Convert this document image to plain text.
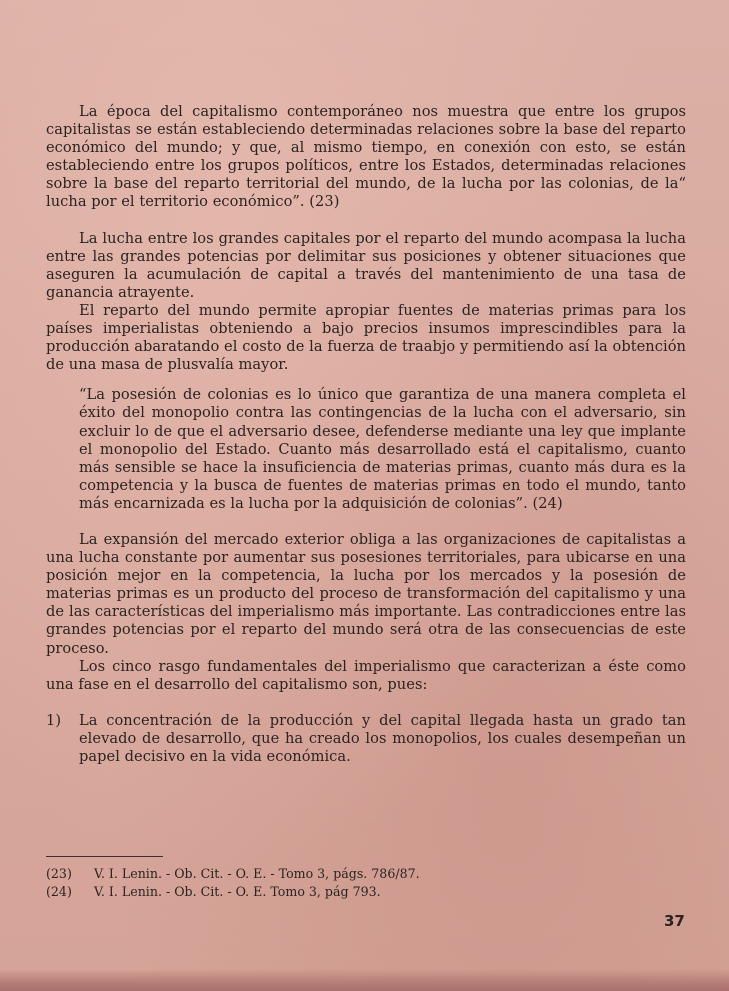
La época del capitalismo contemporáneo nos muestra que entre los grupos capitalistas se están estableciendo determinadas relaciones sobre la base del reparto económico del mundo; y que, al mismo tiempo, en conexión con esto, se están estableciendo entre los grupos políticos, entre los Estados, determinadas relaciones sobre la base del reparto territorial del mundo, de la lucha por las colonias, de la“ lucha por el territorio económico”. (23)

La lucha entre los grandes capitales por el reparto del mundo acompasa la lucha entre las grandes potencias por delimitar sus posiciones y obtener situaciones que aseguren la acumulación de capital a través del mantenimiento de una tasa de ganancia atrayente.

El reparto del mundo permite apropiar fuentes de materias primas para los países imperialistas obteniendo a bajo precios insumos imprescindibles para la producción abaratando el costo de la fuerza de traabjo y permitiendo así la obtención de una masa de plusvalía mayor.

“La posesión de colonias es lo único que garantiza de una manera completa el éxito del monopolio contra las contingencias de la lucha con el adversario, sin excluir lo de que el adversario desee, defenderse mediante una ley que implante el monopolio del Estado. Cuanto más desarrollado está el capitalismo, cuanto más sensible se hace la insuficiencia de materias primas, cuanto más dura es la competencia y la busca de fuentes de materias primas en todo el mundo, tanto más encarnizada es la lucha por la adquisición de colonias”. (24)

La expansión del mercado exterior obliga a las organizaciones de capitalistas a una lucha constante por aumentar sus posesiones territoriales, para ubicarse en una posición mejor en la competencia, la lucha por los mercados y la posesión de materias primas es un producto del proceso de transformación del capitalismo y una de las características del imperialismo más importante. Las contradicciones entre las grandes potencias por el reparto del mundo será otra de las consecuencias de este proceso.

Los cinco rasgo fundamentales del imperialismo que caracterizan a éste como una fase en el desarrollo del capitalismo son, pues:

1)	La concentración de la producción y del capital llegada hasta un grado tan elevado de desarrollo, que ha creado los monopolios, los cuales desempeñan un papel decisivo en la vida económica.
(23)	V. I. Lenin. - Ob. Cit. - O. E. - Tomo 3, págs. 786/87.
(24)	V. I. Lenin. - Ob. Cit. - O. E. Tomo 3, pág 793.
37
